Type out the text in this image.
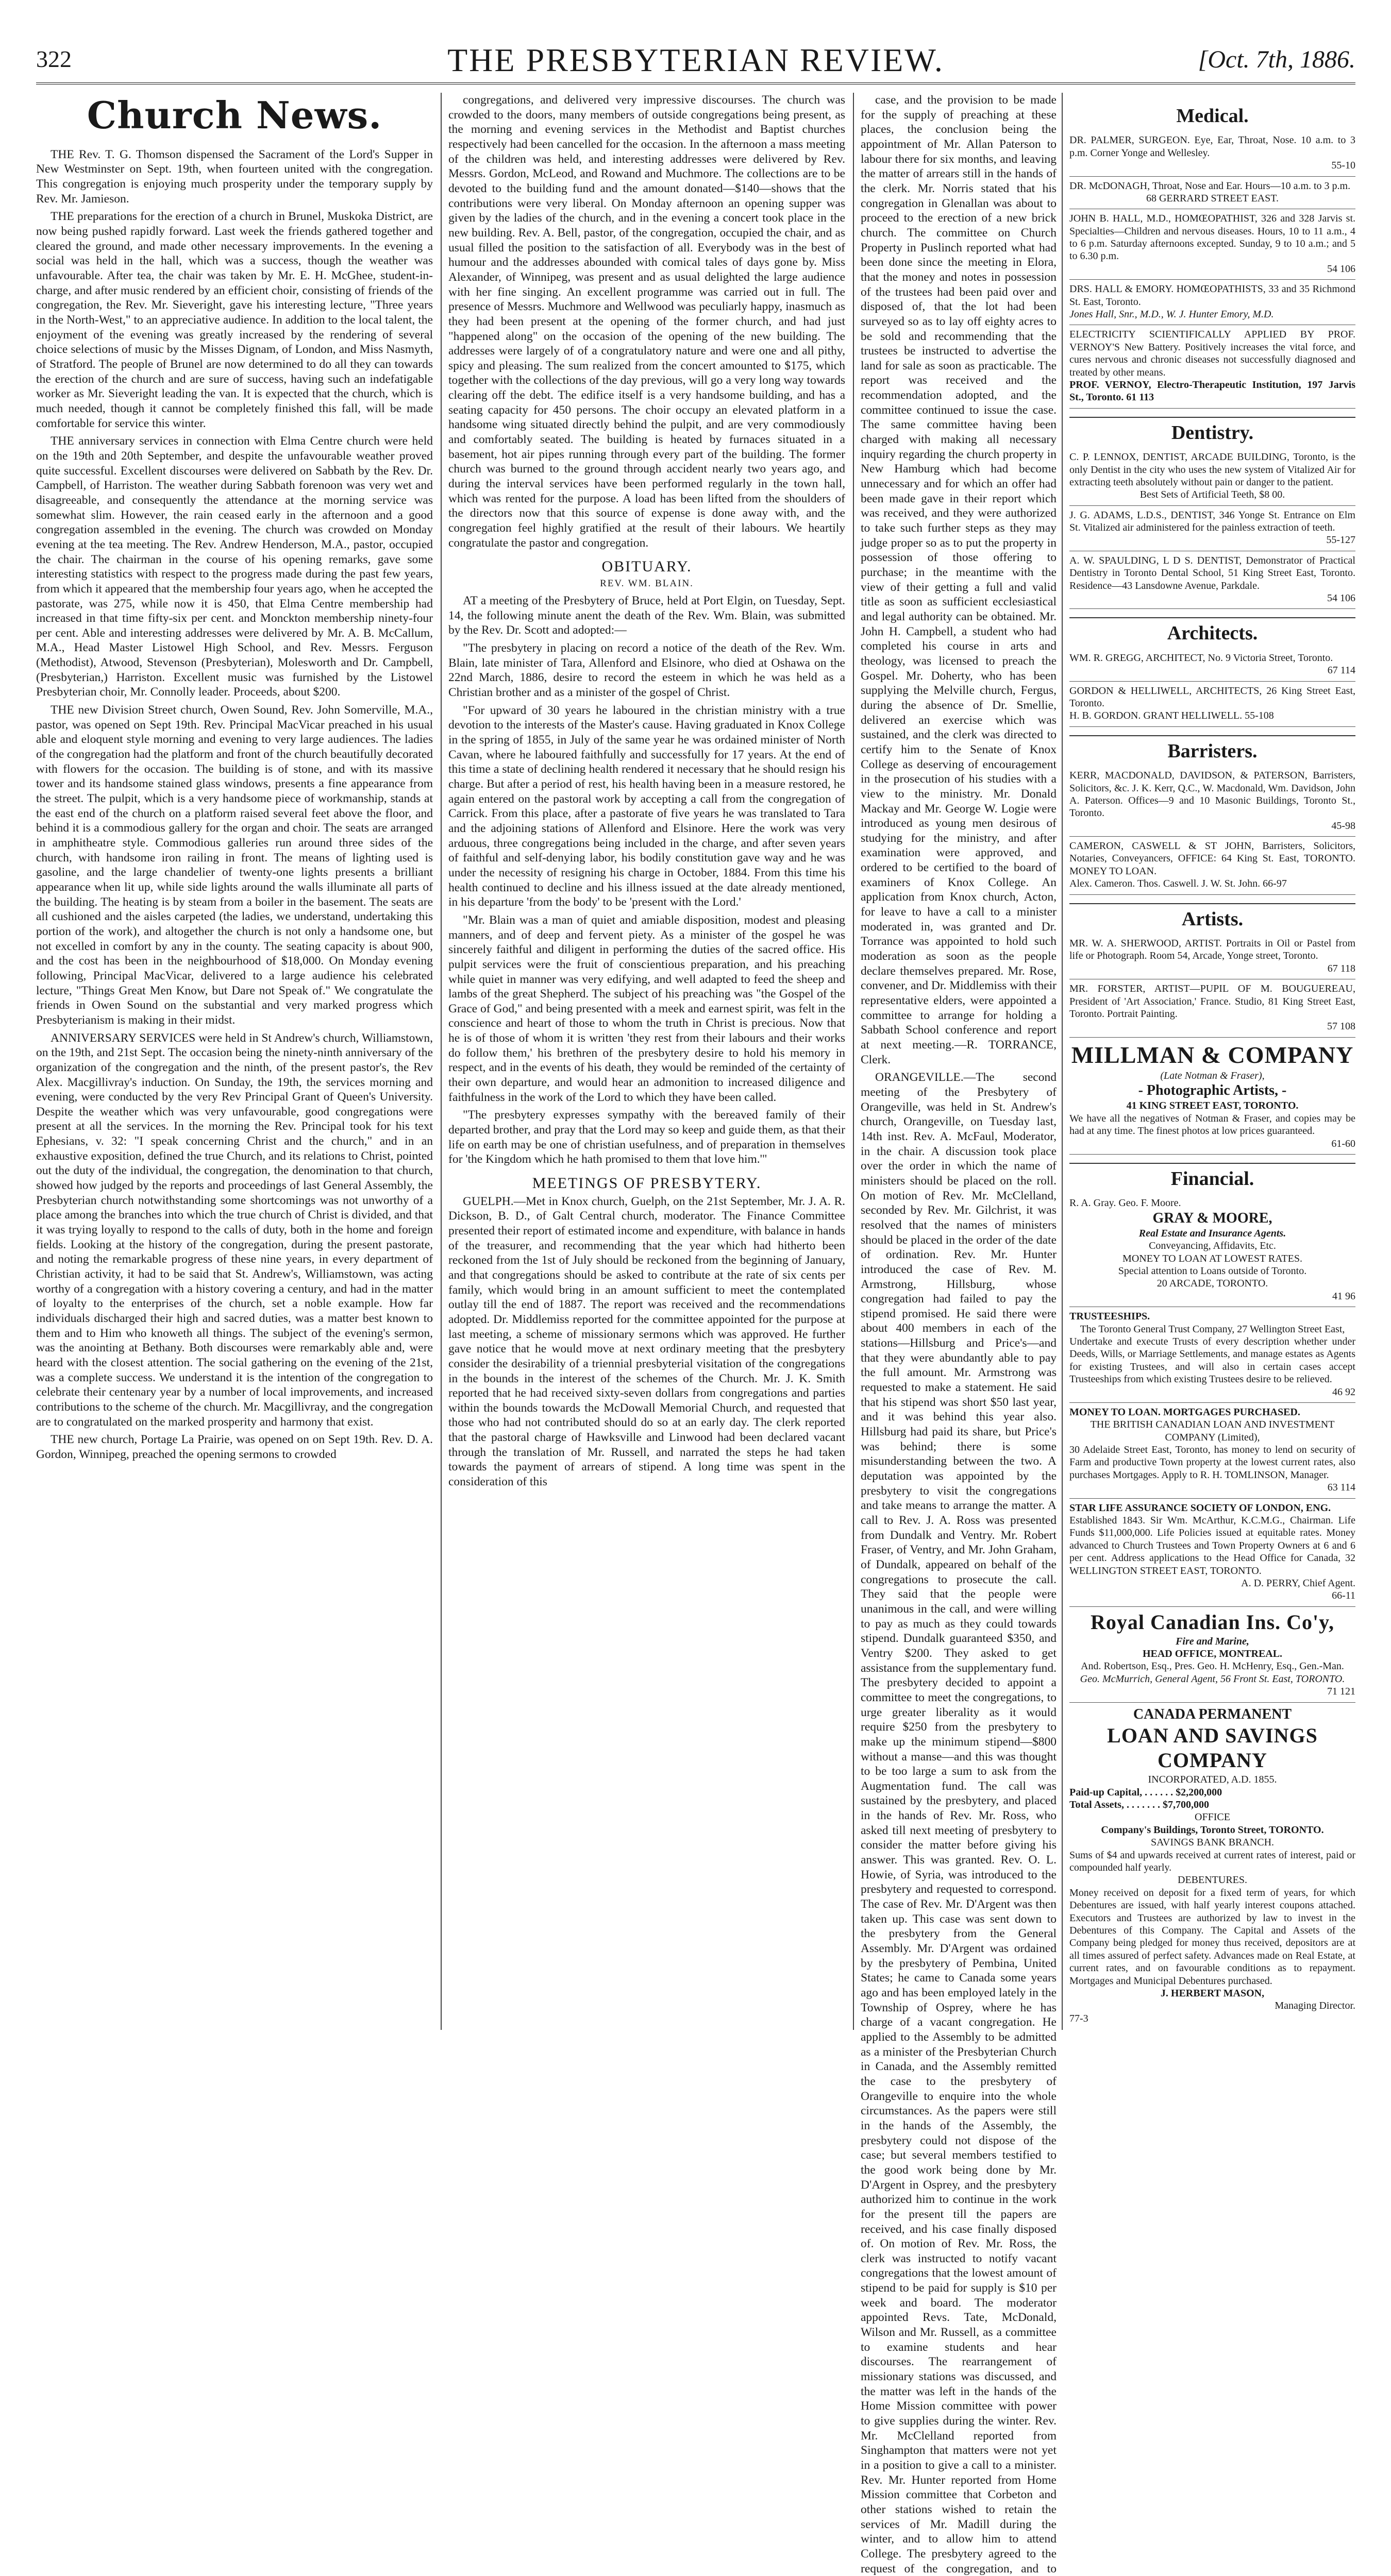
322	THE PRESBYTERIAN REVIEW.	[Oct. 7th, 1886.
Church News.

THE Rev. T. G. Thomson dispensed the Sacrament of the Lord's Supper in New Westminster on Sept. 19th, when fourteen united with the congregation. This congregation is enjoying much prosperity under the temporary supply by Rev. Mr. Jamieson.

THE preparations for the erection of a church in Brunel, Muskoka District, are now being pushed rapidly forward. Last week the friends gathered together and cleared the ground, and made other necessary improvements. In the evening a social was held in the hall, which was a success, though the weather was unfavourable. After tea, the chair was taken by Mr. E. H. McGhee, student-in-charge, and after music rendered by an efficient choir, consisting of friends of the congregation, the Rev. Mr. Sieveright, gave his interesting lecture, "Three years in the North-West," to an appreciative audience. In addition to the local talent, the enjoyment of the evening was greatly increased by the rendering of several choice selections of music by the Misses Dignam, of London, and Miss Nasmyth, of Stratford. The people of Brunel are now determined to do all they can towards the erection of the church and are sure of success, having such an indefatigable worker as Mr. Sieveright leading the van. It is expected that the church, which is much needed, though it cannot be completely finished this fall, will be made comfortable for service this winter.

THE anniversary services in connection with Elma Centre church were held on the 19th and 20th September, and despite the unfavourable weather proved quite successful. Excellent discourses were delivered on Sabbath by the Rev. Dr. Campbell, of Harriston. The weather during Sabbath forenoon was very wet and disagreeable, and consequently the attendance at the morning service was somewhat slim. However, the rain ceased early in the afternoon and a good congregation assembled in the evening. The church was crowded on Monday evening at the tea meeting. The Rev. Andrew Henderson, M.A., pastor, occupied the chair. The chairman in the course of his opening remarks, gave some interesting statistics with respect to the progress made during the past few years, from which it appeared that the membership four years ago, when he accepted the pastorate, was 275, while now it is 450, that Elma Centre membership had increased in that time fifty-six per cent. and Monckton membership ninety-four per cent. Able and interesting addresses were delivered by Mr. A. B. McCallum, M.A., Head Master Listowel High School, and Rev. Messrs. Ferguson (Methodist), Atwood, Stevenson (Presbyterian), Molesworth and Dr. Campbell, (Presbyterian,) Harriston. Excellent music was furnished by the Listowel Presbyterian choir, Mr. Connolly leader. Proceeds, about $200.

THE new Division Street church, Owen Sound, Rev. John Somerville, M.A., pastor, was opened on Sept 19th. Rev. Principal MacVicar preached in his usual able and eloquent style morning and evening to very large audiences. The ladies of the congregation had the platform and front of the church beautifully decorated with flowers for the occasion. The building is of stone, and with its massive tower and its handsome stained glass windows, presents a fine appearance from the street. The pulpit, which is a very handsome piece of workmanship, stands at the east end of the church on a platform raised several feet above the floor, and behind it is a commodious gallery for the organ and choir. The seats are arranged in amphitheatre style. Commodious galleries run around three sides of the church, with handsome iron railing in front. The means of lighting used is gasoline, and the large chandelier of twenty-one lights presents a brilliant appearance when lit up, while side lights around the walls illuminate all parts of the building. The heating is by steam from a boiler in the basement. The seats are all cushioned and the aisles carpeted (the ladies, we understand, undertaking this portion of the work), and altogether the church is not only a handsome one, but not excelled in comfort by any in the county. The seating capacity is about 900, and the cost has been in the neighbourhood of $18,000. On Monday evening following, Principal MacVicar, delivered to a large audience his celebrated lecture, "Things Great Men Know, but Dare not Speak of." We congratulate the friends in Owen Sound on the substantial and very marked progress which Presbyterianism is making in their midst.

ANNIVERSARY SERVICES were held in St Andrew's church, Williamstown, on the 19th, and 21st Sept. The occasion being the ninety-ninth anniversary of the organization of the congregation and the ninth, of the present pastor's, the Rev Alex. Macgillivray's induction. On Sunday, the 19th, the services morning and evening, were conducted by the very Rev Principal Grant of Queen's University. Despite the weather which was very unfavourable, good congregations were present at all the services. In the morning the Rev. Principal took for his text Ephesians, v. 32: "I speak concerning Christ and the church," and in an exhaustive exposition, defined the true Church, and its relations to Christ, pointed out the duty of the individual, the congregation, the denomination to that church, showed how judged by the reports and proceedings of last General Assembly, the Presbyterian church notwithstanding some shortcomings was not unworthy of a place among the branches into which the true church of Christ is divided, and that it was trying loyally to respond to the calls of duty, both in the home and foreign fields. Looking at the history of the congregation, during the present pastorate, and noting the remarkable progress of these nine years, in every department of Christian activity, it had to be said that St. Andrew's, Williamstown, was acting worthy of a congregation with a history covering a century, and had in the matter of loyalty to the enterprises of the church, set a noble example. How far individuals discharged their high and sacred duties, was a matter best known to them and to Him who knoweth all things. The subject of the evening's sermon, was the anointing at Bethany. Both discourses were remarkably able and, were heard with the closest attention. The social gathering on the evening of the 21st, was a complete success. We understand it is the intention of the congregation to celebrate their centenary year by a number of local improvements, and increased contributions to the scheme of the church. Mr. Macgillivray, and the congregation are to congratulated on the marked prosperity and harmony that exist.

THE new church, Portage La Prairie, was opened on on Sept 19th. Rev. D. A. Gordon, Winnipeg, preached the opening sermons to crowded

congregations, and delivered very impressive discourses. The church was crowded to the doors, many members of outside congregations being present, as the morning and evening services in the Methodist and Baptist churches respectively had been cancelled for the occasion. In the afternoon a mass meeting of the children was held, and interesting addresses were delivered by Rev. Messrs. Gordon, McLeod, and Rowand and Muchmore. The collections are to be devoted to the building fund and the amount donated—$140—shows that the contributions were very liberal. On Monday afternoon an opening supper was given by the ladies of the church, and in the evening a concert took place in the new building. Rev. A. Bell, pastor, of the congregation, occupied the chair, and as usual filled the position to the satisfaction of all. Everybody was in the best of humour and the addresses abounded with comical tales of days gone by. Miss Alexander, of Winnipeg, was present and as usual delighted the large audience with her fine singing. An excellent programme was carried out in full. The presence of Messrs. Muchmore and Wellwood was peculiarly happy, inasmuch as they had been present at the opening of the former church, and had just "happened along" on the occasion of the opening of the new building. The addresses were largely of of a congratulatory nature and were one and all pithy, spicy and pleasing. The sum realized from the concert amounted to $175, which together with the collections of the day previous, will go a very long way towards clearing off the debt. The edifice itself is a very handsome building, and has a seating capacity for 450 persons. The choir occupy an elevated platform in a handsome wing situated directly behind the pulpit, and are very commodiously and comfortably seated. The building is heated by furnaces situated in a basement, hot air pipes running through every part of the building. The former church was burned to the ground through accident nearly two years ago, and during the interval services have been performed regularly in the town hall, which was rented for the purpose. A load has been lifted from the shoulders of the directors now that this source of expense is done away with, and the congregation feel highly gratified at the result of their labours. We heartily congratulate the pastor and congregation.

OBITUARY.
REV. WM. BLAIN.

AT a meeting of the Presbytery of Bruce, held at Port Elgin, on Tuesday, Sept. 14, the following minute anent the death of the Rev. Wm. Blain, was submitted by the Rev. Dr. Scott and adopted:—

"The presbytery in placing on record a notice of the death of the Rev. Wm. Blain, late minister of Tara, Allenford and Elsinore, who died at Oshawa on the 22nd March, 1886, desire to record the esteem in which he was held as a Christian brother and as a minister of the gospel of Christ.

"For upward of 30 years he laboured in the christian ministry with a true devotion to the interests of the Master's cause. Having graduated in Knox College in the spring of 1855, in July of the same year he was ordained minister of North Cavan, where he laboured faithfully and successfully for 17 years. At the end of this time a state of declining health rendered it necessary that he should resign his charge. But after a period of rest, his health having been in a measure restored, he again entered on the pastoral work by accepting a call from the congregation of Carrick. From this place, after a pastorate of five years he was translated to Tara and the adjoining stations of Allenford and Elsinore. Here the work was very arduous, three congregations being included in the charge, and after seven years of faithful and self-denying labor, his bodily constitution gave way and he was under the necessity of resigning his charge in October, 1884. From this time his health continued to decline and his illness issued at the date already mentioned, in his departure 'from the body' to be 'present with the Lord.'

"Mr. Blain was a man of quiet and amiable disposition, modest and pleasing manners, and of deep and fervent piety. As a minister of the gospel he was sincerely faithful and diligent in performing the duties of the sacred office. His pulpit services were the fruit of conscientious preparation, and his preaching while quiet in manner was very edifying, and well adapted to feed the sheep and lambs of the great Shepherd. The subject of his preaching was "the Gospel of the Grace of God," and being presented with a meek and earnest spirit, was felt in the conscience and heart of those to whom the truth in Christ is precious. Now that he is of those of whom it is written 'they rest from their labours and their works do follow them,' his brethren of the presbytery desire to hold his memory in respect, and in the events of his death, they would be reminded of the certainty of their own departure, and would hear an admonition to increased diligence and faithfulness in the work of the Lord to which they have been called.

"The presbytery expresses sympathy with the bereaved family of their departed brother, and pray that the Lord may so keep and guide them, as that their life on earth may be one of christian usefulness, and of preparation in themselves for 'the Kingdom which he hath promised to them that love him.'"

MEETINGS OF PRESBYTERY.

GUELPH.—Met in Knox church, Guelph, on the 21st September, Mr. J. A. R. Dickson, B. D., of Galt Central church, moderator. The Finance Committee presented their report of estimated income and expenditure, with balance in hands of the treasurer, and recommending that the year which had hitherto been reckoned from the 1st of July should be reckoned from the beginning of January, and that congregations should be asked to contribute at the rate of six cents per family, which would bring in an amount sufficient to meet the contemplated outlay till the end of 1887. The report was received and the recommendations adopted. Dr. Middlemiss reported for the committee appointed for the purpose at last meeting, a scheme of missionary sermons which was approved. He further gave notice that he would move at next ordinary meeting that the presbytery consider the desirability of a triennial presbyterial visitation of the congregations in the bounds in the interest of the schemes of the Church. Mr. J. K. Smith reported that he had received sixty-seven dollars from congregations and parties within the bounds towards the McDowall Memorial Church, and requested that those who had not contributed should do so at an early day. The clerk reported that the pastoral charge of Hawksville and Linwood had been declared vacant through the translation of Mr. Russell, and narrated the steps he had taken towards the payment of arrears of stipend. A long time was spent in the consideration of this

case, and the provision to be made for the supply of preaching at these places, the conclusion being the appointment of Mr. Allan Paterson to labour there for six months, and leaving the matter of arrears still in the hands of the clerk. Mr. Norris stated that his congregation in Glenallan was about to proceed to the erection of a new brick church. The committee on Church Property in Puslinch reported what had been done since the meeting in Elora, that the money and notes in possession of the trustees had been paid over and disposed of, that the lot had been surveyed so as to lay off eighty acres to be sold and recommending that the trustees be instructed to advertise the land for sale as soon as practicable. The report was received and the recommendation adopted, and the committee continued to issue the case. The same committee having been charged with making all necessary inquiry regarding the church property in New Hamburg which had become unnecessary and for which an offer had been made gave in their report which was received, and they were authorized to take such further steps as they may judge proper so as to put the property in possession of those offering to purchase; in the meantime with the view of their getting a full and valid title as soon as sufficient ecclesiastical and legal authority can be obtained. Mr. John H. Campbell, a student who had completed his course in arts and theology, was licensed to preach the Gospel. Mr. Doherty, who has been supplying the Melville church, Fergus, during the absence of Dr. Smellie, delivered an exercise which was sustained, and the clerk was directed to certify him to the Senate of Knox College as deserving of encouragement in the prosecution of his studies with a view to the ministry. Mr. Donald Mackay and Mr. George W. Logie were introduced as young men desirous of studying for the ministry, and after examination were approved, and ordered to be certified to the board of examiners of Knox College. An application from Knox church, Acton, for leave to have a call to a minister moderated in, was granted and Dr. Torrance was appointed to hold such moderation as soon as the people declare themselves prepared. Mr. Rose, convener, and Dr. Middlemiss with their representative elders, were appointed a committee to arrange for holding a Sabbath School conference and report at next meeting.—R. TORRANCE, Clerk.

ORANGEVILLE.—The second meeting of the Presbytery of Orangeville, was held in St. Andrew's church, Orangeville, on Tuesday last, 14th inst. Rev. A. McFaul, Moderator, in the chair. A discussion took place over the order in which the name of ministers should be placed on the roll. On motion of Rev. Mr. McClelland, seconded by Rev. Mr. Gilchrist, it was resolved that the names of ministers should be placed in the order of the date of ordination. Rev. Mr. Hunter introduced the case of Rev. M. Armstrong, Hillsburg, whose congregation had failed to pay the stipend promised. He said there were about 400 members in each of the stations—Hillsburg and Price's—and that they were abundantly able to pay the full amount. Mr. Armstrong was requested to make a statement. He said that his stipend was short $50 last year, and it was behind this year also. Hillsburg had paid its share, but Price's was behind; there is some misunderstanding between the two. A deputation was appointed by the presbytery to visit the congregations and take means to arrange the matter. A call to Rev. J. A. Ross was presented from Dundalk and Ventry. Mr. Robert Fraser, of Ventry, and Mr. John Graham, of Dundalk, appeared on behalf of the congregations to prosecute the call. They said that the people were unanimous in the call, and were willing to pay as much as they could towards stipend. Dundalk guaranteed $350, and Ventry $200. They asked to get assistance from the supplementary fund. The presbytery decided to appoint a committee to meet the congregations, to urge greater liberality as it would require $250 from the presbytery to make up the minimum stipend—$800 without a manse—and this was thought to be too large a sum to ask from the Augmentation fund. The call was sustained by the presbytery, and placed in the hands of Rev. Mr. Ross, who asked till next meeting of presbytery to consider the matter before giving his answer. This was granted. Rev. O. L. Howie, of Syria, was introduced to the presbytery and requested to correspond. The case of Rev. Mr. D'Argent was then taken up. This case was sent down to the presbytery from the General Assembly. Mr. D'Argent was ordained by the presbytery of Pembina, United States; he came to Canada some years ago and has been employed lately in the Township of Osprey, where he has charge of a vacant congregation. He applied to the Assembly to be admitted as a minister of the Presbyterian Church in Canada, and the Assembly remitted the case to the presbytery of Orangeville to enquire into the whole circumstances. As the papers were still in the hands of the Assembly, the presbytery could not dispose of the case; but several members testified to the good work being done by Mr. D'Argent in Osprey, and the presbytery authorized him to continue in the work for the present till the papers are received, and his case finally disposed of. On motion of Rev. Mr. Ross, the clerk was instructed to notify vacant congregations that the lowest amount of stipend to be paid for supply is $10 per week and board. The moderator appointed Revs. Tate, McDonald, Wilson and Mr. Russell, as a committee to examine students and hear discourses. The rearrangement of missionary stations was discussed, and the matter was left in the hands of the Home Mission committee with power to give supplies during the winter. Rev. Mr. McClelland reported from Singhampton that matters were not yet in a position to give a call to a minister. Rev. Mr. Hunter reported from Home Mission committee that Corbeton and other stations wished to retain the services of Mr. Madill during the winter, and to allow him to attend College. The presbytery agreed to the request of the congregation, and to

Medical.
DR. PALMER, SURGEON. Eye, Ear, Throat, Nose. 10 a.m. to 3 p.m. Corner Yonge and Wellesley.
55-10
DR. McDONAGH, Throat, Nose and Ear. Hours—10 a.m. to 3 p.m.
68 GERRARD STREET EAST.
JOHN B. HALL, M.D., HOMŒOPATHIST, 326 and 328 Jarvis st. Specialties—Children and nervous diseases. Hours, 10 to 11 a.m., 4 to 6 p.m. Saturday afternoons excepted. Sunday, 9 to 10 a.m.; and 5 to 6.30 p.m.
54 106
DRS. HALL & EMORY. HOMŒOPATHISTS, 33 and 35 Richmond St. East, Toronto.
Jones Hall, Snr., M.D., W. J. Hunter Emory, M.D.
ELECTRICITY SCIENTIFICALLY APPLIED BY PROF. VERNOY'S New Battery. Positively increases the vital force, and cures nervous and chronic diseases not successfully diagnosed and treated by other means.
PROF. VERNOY, Electro-Therapeutic Institution, 197 Jarvis St., Toronto. 61 113
Dentistry.
C. P. LENNOX, DENTIST, ARCADE BUILDING, Toronto, is the only Dentist in the city who uses the new system of Vitalized Air for extracting teeth absolutely without pain or danger to the patient.
Best Sets of Artificial Teeth, $8 00.
J. G. ADAMS, L.D.S., DENTIST, 346 Yonge St. Entrance on Elm St. Vitalized air administered for the painless extraction of teeth.
55-127
A. W. SPAULDING, L D S. DENTIST, Demonstrator of Practical Dentistry in Toronto Dental School, 51 King Street East, Toronto. Residence—43 Lansdowne Avenue, Parkdale.
54 106
Architects.
WM. R. GREGG, ARCHITECT, No. 9 Victoria Street, Toronto.
67 114
GORDON & HELLIWELL, ARCHITECTS, 26 King Street East, Toronto.
H. B. GORDON. GRANT HELLIWELL. 55-108
Barristers.
KERR, MACDONALD, DAVIDSON, & PATERSON, Barristers, Solicitors, &c. J. K. Kerr, Q.C., W. Macdonald, Wm. Davidson, John A. Paterson. Offices—9 and 10 Masonic Buildings, Toronto St., Toronto.
45-98
CAMERON, CASWELL & ST JOHN, Barristers, Solicitors, Notaries, Conveyancers, OFFICE: 64 King St. East, TORONTO. MONEY TO LOAN.
Alex. Cameron. Thos. Caswell. J. W. St. John. 66-97
Artists.
MR. W. A. SHERWOOD, ARTIST. Portraits in Oil or Pastel from life or Photograph. Room 54, Arcade, Yonge street, Toronto.
67 118
MR. FORSTER, ARTIST—PUPIL OF M. BOUGUEREAU, President of 'Art Association,' France. Studio, 81 King Street East, Toronto. Portrait Painting.
57 108
MILLMAN & COMPANY
(Late Notman & Fraser),
- Photographic Artists, -
41 KING STREET EAST, TORONTO.
We have all the negatives of Notman & Fraser, and copies may be had at any time. The finest photos at low prices guaranteed.
61-60
Financial.
R. A. Gray. Geo. F. Moore.
GRAY & MOORE,
Real Estate and Insurance Agents.
Conveyancing, Affidavits, Etc.
MONEY TO LOAN AT LOWEST RATES.
Special attention to Loans outside of Toronto.
20 ARCADE, TORONTO.
41 96
TRUSTEESHIPS.
The Toronto General Trust Company, 27 Wellington Street East,
Undertake and execute Trusts of every description whether under Deeds, Wills, or Marriage Settlements, and manage estates as Agents for existing Trustees, and will also in certain cases accept Trusteeships from which existing Trustees desire to be relieved.
46 92
MONEY TO LOAN. MORTGAGES PURCHASED.
THE BRITISH CANADIAN LOAN AND INVESTMENT COMPANY (Limited),
30 Adelaide Street East, Toronto, has money to lend on security of Farm and productive Town property at the lowest current rates, also purchases Mortgages. Apply to R. H. TOMLINSON, Manager.
63 114
STAR LIFE ASSURANCE SOCIETY OF LONDON, ENG.
Established 1843. Sir Wm. McArthur, K.C.M.G., Chairman. Life Funds $11,000,000. Life Policies issued at equitable rates. Money advanced to Church Trustees and Town Property Owners at 6 and 6 per cent. Address applications to the Head Office for Canada, 32 WELLINGTON STREET EAST, TORONTO.
A. D. PERRY, Chief Agent.
66-11
Royal Canadian Ins. Co'y,
Fire and Marine,
HEAD OFFICE, MONTREAL.
And. Robertson, Esq., Pres. Geo. H. McHenry, Esq., Gen.-Man.
Geo. McMurrich, General Agent, 56 Front St. East, TORONTO.
71 121
CANADA PERMANENT
LOAN AND SAVINGS COMPANY
INCORPORATED, A.D. 1855.
Paid-up Capital, . . . . . . $2,200,000
Total Assets, . . . . . . . $7,700,000
OFFICE
Company's Buildings, Toronto Street, TORONTO.
SAVINGS BANK BRANCH.
Sums of $4 and upwards received at current rates of interest, paid or compounded half yearly.
DEBENTURES.
Money received on deposit for a fixed term of years, for which Debentures are issued, with half yearly interest coupons attached. Executors and Trustees are authorized by law to invest in the Debentures of this Company. The Capital and Assets of the Company being pledged for money thus received, depositors are at all times assured of perfect safety. Advances made on Real Estate, at current rates, and on favourable conditions as to repayment. Mortgages and Municipal Debentures purchased.
J. HERBERT MASON,
Managing Director.
77-3
